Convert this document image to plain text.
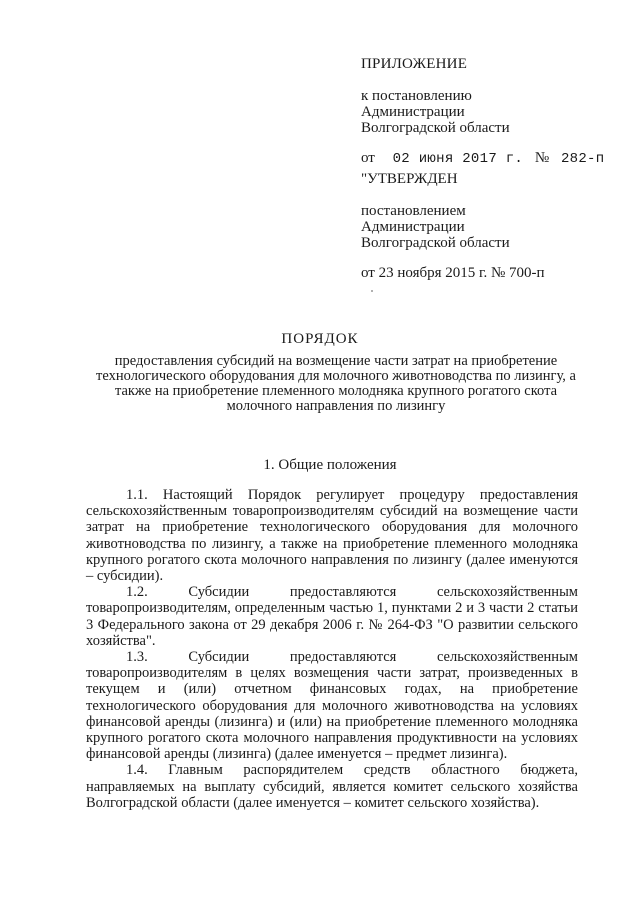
ПРИЛОЖЕНИЕ
к постановлению
Администрации
Волгоградской области
от 02 июня 2017 г. № 282-п
"УТВЕРЖДЕН
постановлением
Администрации
Волгоградской области
от 23 ноября 2015 г. № 700-п
ПОРЯДОК
предоставления субсидий на возмещение части затрат на приобретение технологического оборудования для молочного животноводства по лизингу, а также на приобретение племенного молодняка крупного рогатого скота молочного направления по лизингу
1. Общие положения

1.1. Настоящий Порядок регулирует процедуру предоставления сельскохозяйственным товаропроизводителям субсидий на возмещение части затрат на приобретение технологического оборудования для молочного животноводства по лизингу, а также на приобретение племенного молодняка крупного рогатого скота молочного направления по лизингу (далее именуются – субсидии).

1.2. Субсидии предоставляются сельскохозяйственным товаропроизводителям, определенным частью 1, пунктами 2 и 3 части 2 статьи 3 Федерального закона от 29 декабря 2006 г. № 264-ФЗ "О развитии сельского хозяйства".

1.3. Субсидии предоставляются сельскохозяйственным товаропроизводителям в целях возмещения части затрат, произведенных в текущем и (или) отчетном финансовых годах, на приобретение технологического оборудования для молочного животноводства на условиях финансовой аренды (лизинга) и (или) на приобретение племенного молодняка крупного рогатого скота молочного направления продуктивности на условиях финансовой аренды (лизинга) (далее именуется – предмет лизинга).

1.4. Главным распорядителем средств областного бюджета, направляемых на выплату субсидий, является комитет сельского хозяйства Волгоградской области (далее именуется – комитет сельского хозяйства).
